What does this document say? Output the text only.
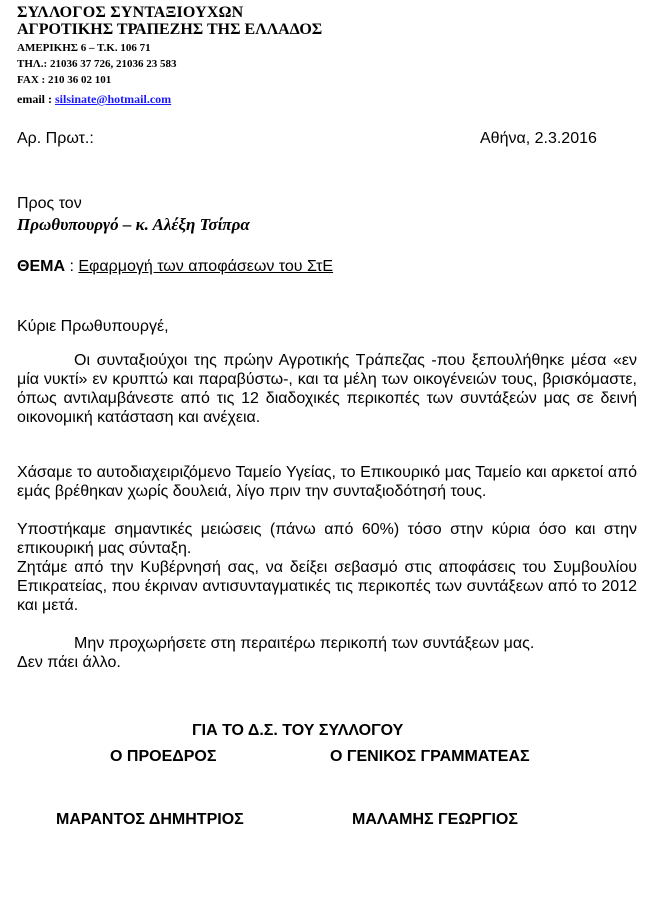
ΣΥΛΛΟΓΟΣ ΣΥΝΤΑΞΙΟΥΧΩΝ
ΑΓΡΟΤΙΚΗΣ ΤΡΑΠΕΖΗΣ ΤΗΣ ΕΛΛΑΔΟΣ
ΑΜΕΡΙΚΗΣ 6 – Τ.Κ. 106 71
ΤΗΛ.: 21036 37 726, 21036 23 583
FAX : 210 36 02 101
email : silsinate@hotmail.com
Αρ. Πρωτ.:	Αθήνα, 2.3.2016
Προς τον
Πρωθυπουργό – κ. Αλέξη Τσίπρα
ΘΕΜΑ : Εφαρμογή των αποφάσεων του ΣτΕ
Κύριε Πρωθυπουργέ,
Οι συνταξιούχοι της πρώην Αγροτικής Τράπεζας -που ξεπουλήθηκε μέσα «εν μία νυκτί» εν κρυπτώ και παραβύστω-, και τα μέλη των οικογένειών τους, βρισκόμαστε, όπως αντιλαμβάνεστε από τις 12 διαδοχικές περικοπές των συντάξεών μας σε δεινή οικονομική κατάσταση και ανέχεια.
Χάσαμε το αυτοδιαχειριζόμενο Ταμείο Υγείας, το Επικουρικό μας Ταμείο και αρκετοί από εμάς βρέθηκαν χωρίς δουλειά, λίγο πριν την συνταξιοδότησή τους.
Υποστήκαμε σημαντικές μειώσεις (πάνω από 60%) τόσο στην κύρια όσο και στην επικουρική μας σύνταξη.
Ζητάμε από την Κυβέρνησή σας, να δείξει σεβασμό στις αποφάσεις του Συμβουλίου Επικρατείας, που έκριναν αντισυνταγματικές τις περικοπές των συντάξεων από το 2012 και μετά.
Μην προχωρήσετε στη περαιτέρω περικοπή των συντάξεων μας.
Δεν πάει άλλο.
ΓΙΑ ΤΟ Δ.Σ. ΤΟΥ ΣΥΛΛΟΓΟΥ
Ο ΠΡΟΕΔΡΟΣ	Ο ΓΕΝΙΚΟΣ ΓΡΑΜΜΑΤΕΑΣ
ΜΑΡΑΝΤΟΣ ΔΗΜΗΤΡΙΟΣ	ΜΑΛΑΜΗΣ ΓΕΩΡΓΙΟΣ
